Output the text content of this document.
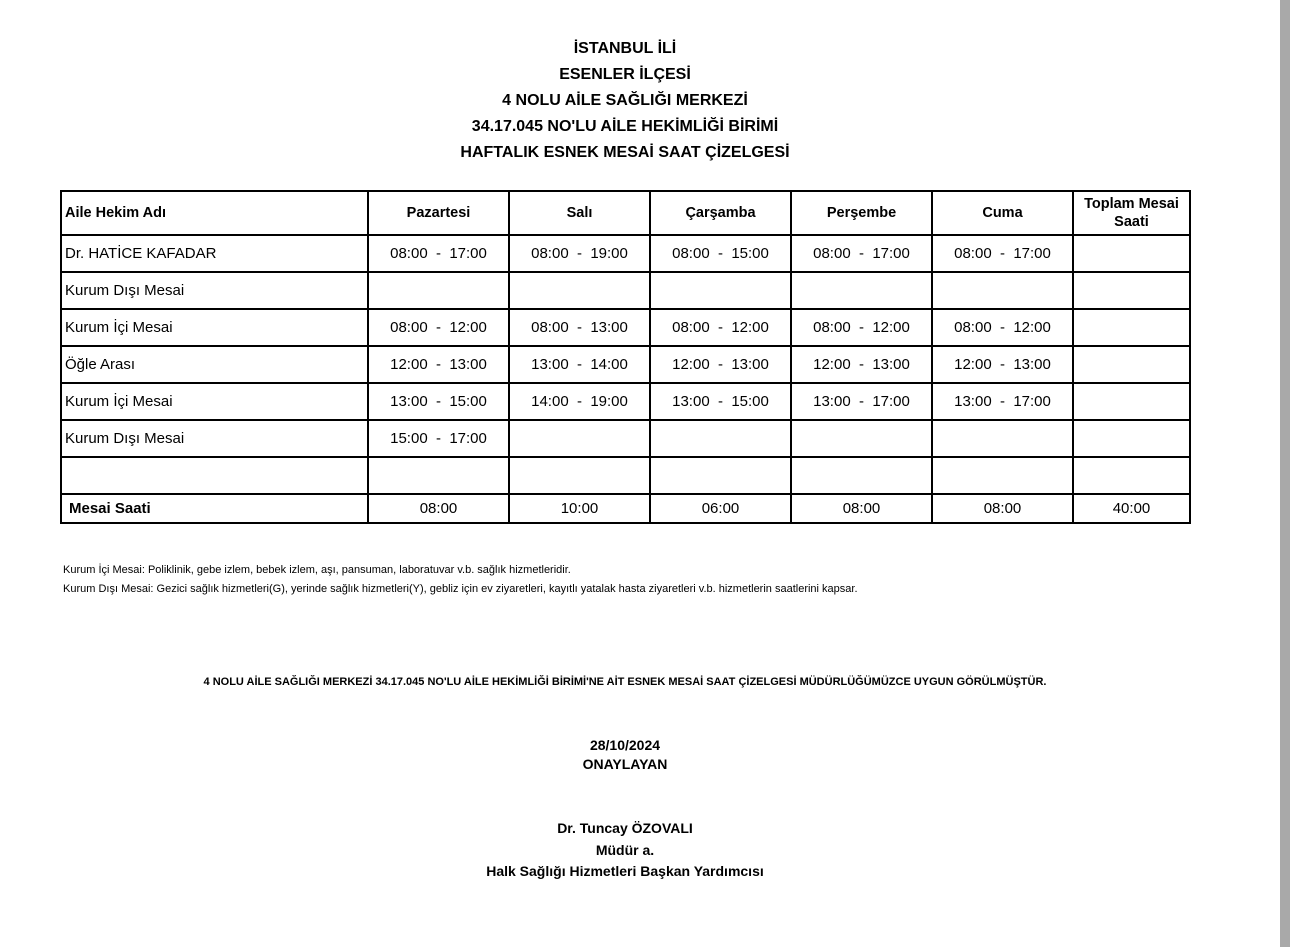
İSTANBUL İLİ
ESENLER İLÇESİ
4 NOLU AİLE SAĞLIĞI MERKEZİ
34.17.045 NO'LU AİLE HEKİMLİĞİ BİRİMİ
HAFTALIK ESNEK MESAİ SAAT ÇİZELGESİ
Aile Hekim Adı	Pazartesi	Salı	Çarşamba	Perşembe	Cuma	Toplam Mesai Saati
Dr. HATİCE KAFADAR	08:00  -  17:00	08:00  -  19:00	08:00  -  15:00	08:00  -  17:00	08:00  -  17:00	
Kurum Dışı Mesai						
Kurum İçi Mesai	08:00  -  12:00	08:00  -  13:00	08:00  -  12:00	08:00  -  12:00	08:00  -  12:00	
Öğle Arası	12:00  -  13:00	13:00  -  14:00	12:00  -  13:00	12:00  -  13:00	12:00  -  13:00	
Kurum İçi Mesai	13:00  -  15:00	14:00  -  19:00	13:00  -  15:00	13:00  -  17:00	13:00  -  17:00	
Kurum Dışı Mesai	15:00  -  17:00					

Mesai Saati	08:00	10:00	06:00	08:00	08:00	40:00
Kurum İçi Mesai: Poliklinik, gebe izlem, bebek izlem, aşı, pansuman, laboratuvar v.b. sağlık hizmetleridir.
Kurum Dışı Mesai: Gezici sağlık hizmetleri(G), yerinde sağlık hizmetleri(Y), gebliz için ev ziyaretleri, kayıtlı yatalak hasta ziyaretleri v.b. hizmetlerin saatlerini kapsar.
4 NOLU AİLE SAĞLIĞI MERKEZİ 34.17.045 NO'LU AİLE HEKİMLİĞİ BİRİMİ'NE AİT ESNEK MESAİ SAAT ÇİZELGESİ MÜDÜRLÜĞÜMÜZCE UYGUN GÖRÜLMÜŞTÜR.
28/10/2024
ONAYLAYAN
Dr. Tuncay ÖZOVALI
Müdür a.
Halk Sağlığı Hizmetleri Başkan Yardımcısı
